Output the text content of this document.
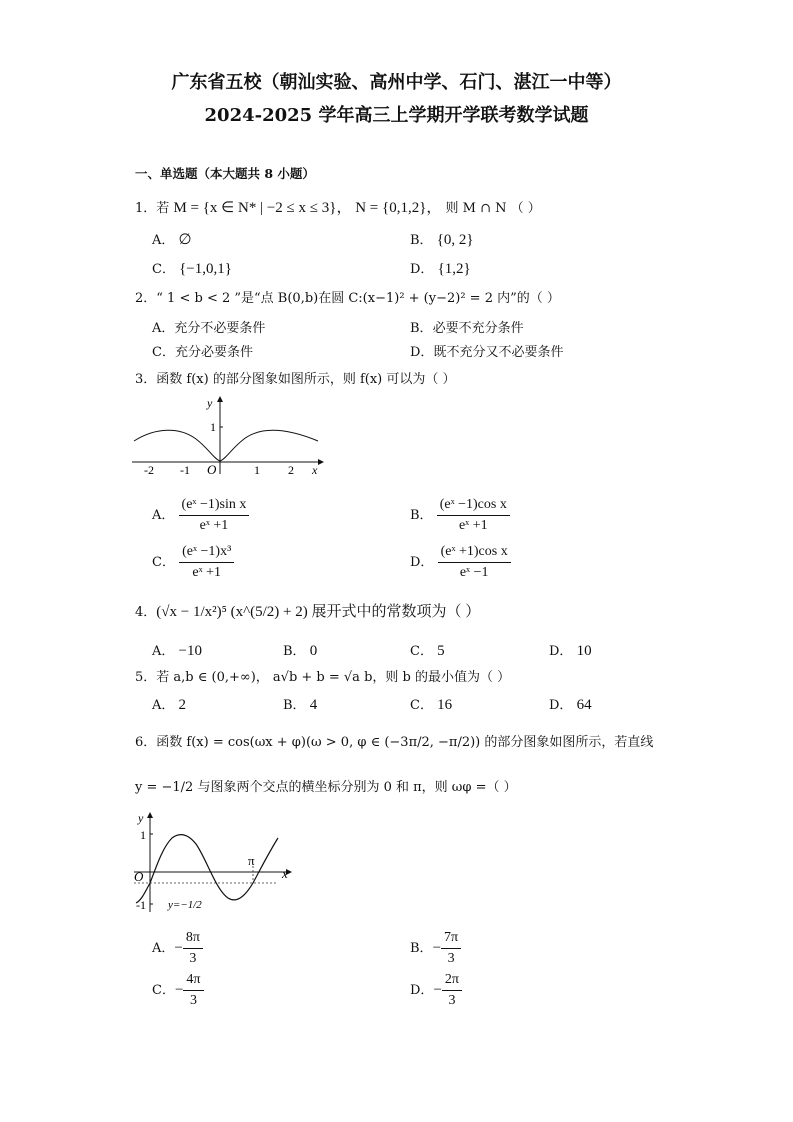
广东省五校（朝汕实验、高州中学、石门、湛江一中等）
2024-2025 学年高三上学期开学联考数学试题
一、单选题（本大题共 8 小题）
1．若 M = {x ∈ N* | −2 ≤ x ≤ 3}， N = {0,1,2}， 则 M ∩ N （ ）
A． ∅	B． {0, 2}
C． {−1,0,1}	D． {1,2}
2．“ 1 < b < 2 ”是“点 B(0,b)在圆 C:(x−1)² + (y−2)² = 2 内”的（ ）
A．充分不必要条件	B．必要不充分条件
C．充分必要条件	D．既不充分又不必要条件
3．函数 f(x) 的部分图象如图所示，则 f(x) 可以为（ ）
y
1
O	x
-2 -1	1 2
A． $\frac{\text{(eˣ −1)sin x}}{\text{eˣ +1}}$	B． $\frac{\text{(eˣ −1)cos x}}{\text{eˣ +1}}$
C． $\frac{\text{(eˣ −1)x³}}{\text{eˣ +1}}$	D． $\frac{\text{(eˣ +1)cos x}}{\text{eˣ −1}}$
4．(√x − 1/x²)⁵ (x^(5/2) + 2) 展开式中的常数项为（ ）
A． −10	B． 0	C． 5	D． 10
5．若 a,b ∈ (0,+∞)， a√b + b = √a b，则 b 的最小值为（ ）
A． 2	B． 4	C． 16	D． 64
6．函数 f(x) = cos(ωx + φ)(ω > 0, φ ∈ (−3π/2, −π/2)) 的部分图象如图所示，若直线
y = −1/2 与图象两个交点的横坐标分别为 0 和 π，则 ωφ =（ ）
y
1
O
-1
π
x
y=−1/2
A．− $\frac{8\pi}{3}$	B．− $\frac{7\pi}{3}$
C．− $\frac{4\pi}{3}$	D．− $\frac{2\pi}{3}$
